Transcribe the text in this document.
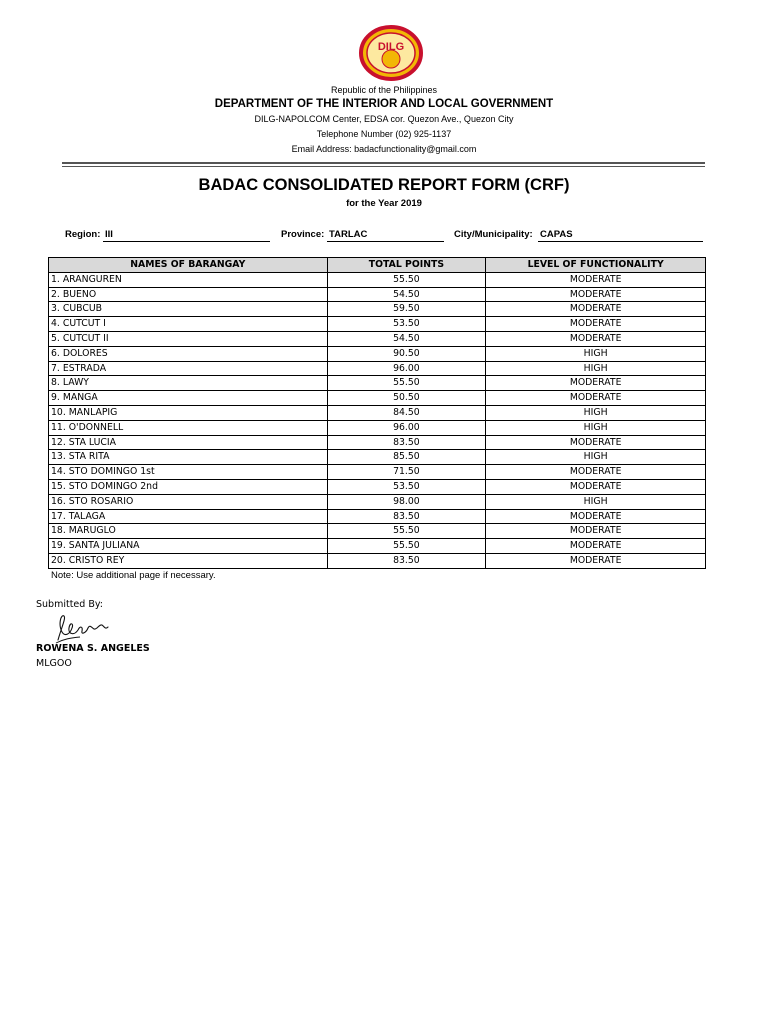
DILG
Republic of the Philippines
DEPARTMENT OF THE INTERIOR AND LOCAL GOVERNMENT
DILG-NAPOLCOM Center, EDSA cor. Quezon Ave., Quezon City
Telephone Number (02) 925-1137
Email Address: badacfunctionality@gmail.com
BADAC CONSOLIDATED REPORT FORM (CRF)
for the Year 2019
Region: III	Province: TARLAC	City/Municipality: CAPAS
NAMES OF BARANGAY	TOTAL POINTS	LEVEL OF FUNCTIONALITY
1. ARANGUREN	55.50	MODERATE
2. BUENO	54.50	MODERATE
3. CUBCUB	59.50	MODERATE
4. CUTCUT I	53.50	MODERATE
5. CUTCUT II	54.50	MODERATE
6. DOLORES	90.50	HIGH
7. ESTRADA	96.00	HIGH
8. LAWY	55.50	MODERATE
9. MANGA	50.50	MODERATE
10. MANLAPIG	84.50	HIGH
11. O'DONNELL	96.00	HIGH
12. STA LUCIA	83.50	MODERATE
13. STA RITA	85.50	HIGH
14. STO DOMINGO 1st	71.50	MODERATE
15. STO DOMINGO 2nd	53.50	MODERATE
16. STO ROSARIO	98.00	HIGH
17. TALAGA	83.50	MODERATE
18. MARUGLO	55.50	MODERATE
19. SANTA JULIANA	55.50	MODERATE
20. CRISTO REY	83.50	MODERATE
Note: Use additional page if necessary.
Submitted By:
ROWENA S. ANGELES
MLGOO
